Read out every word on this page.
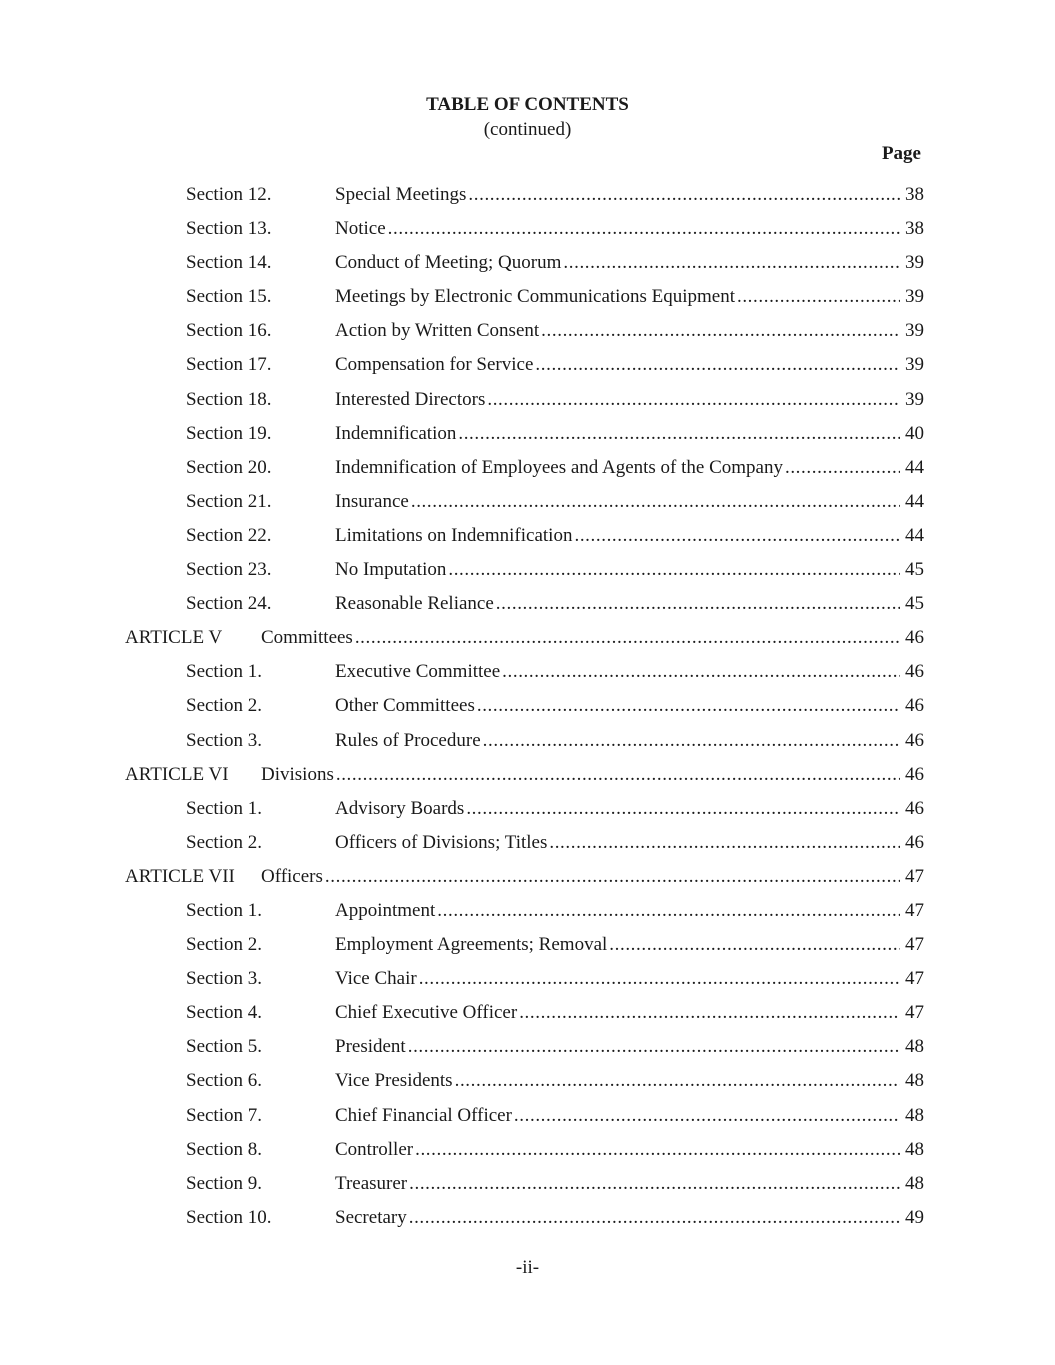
TABLE OF CONTENTS
(continued)
Page
Section 12.	Special Meetings .....	38
Section 13.	Notice .....	38
Section 14.	Conduct of Meeting; Quorum .....	39
Section 15.	Meetings by Electronic Communications Equipment .....	39
Section 16.	Action by Written Consent .....	39
Section 17.	Compensation for Service .....	39
Section 18.	Interested Directors .....	39
Section 19.	Indemnification .....	40
Section 20.	Indemnification of Employees and Agents of the Company .....	44
Section 21.	Insurance .....	44
Section 22.	Limitations on Indemnification .....	44
Section 23.	No Imputation .....	45
Section 24.	Reasonable Reliance .....	45
ARTICLE V Committees .....	46
Section 1.	Executive Committee .....	46
Section 2.	Other Committees .....	46
Section 3.	Rules of Procedure .....	46
ARTICLE VI Divisions .....	46
Section 1.	Advisory Boards .....	46
Section 2.	Officers of Divisions; Titles .....	46
ARTICLE VII Officers .....	47
Section 1.	Appointment .....	47
Section 2.	Employment Agreements; Removal .....	47
Section 3.	Vice Chair .....	47
Section 4.	Chief Executive Officer .....	47
Section 5.	President .....	48
Section 6.	Vice Presidents .....	48
Section 7.	Chief Financial Officer .....	48
Section 8.	Controller .....	48
Section 9.	Treasurer .....	48
Section 10.	Secretary .....	49
-ii-
